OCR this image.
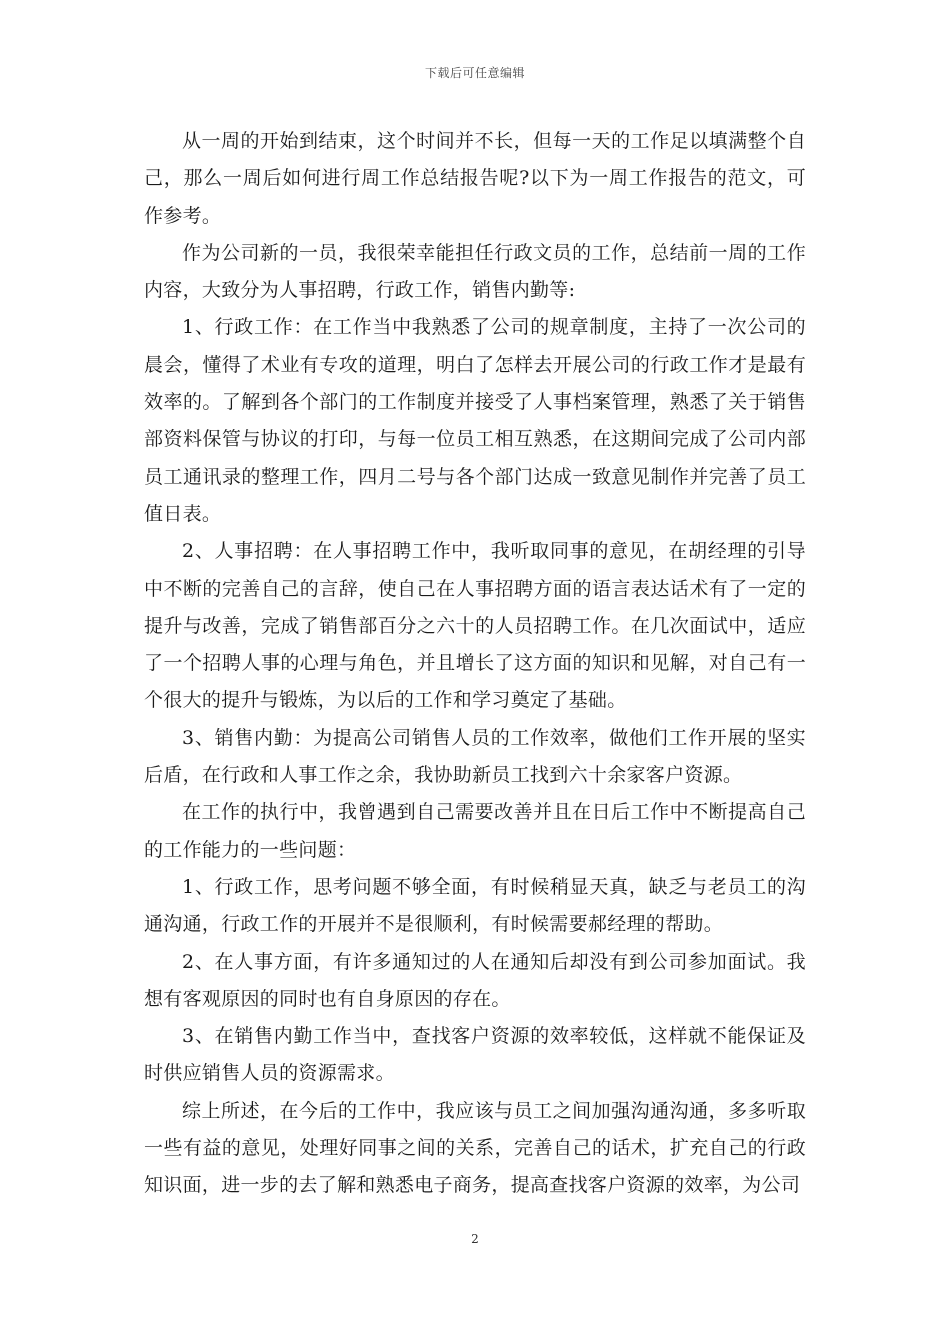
下载后可任意编辑

从一周的开始到结束，这个时间并不长，但每一天的工作足以填满整个自己，那么一周后如何进行周工作总结报告呢?以下为一周工作报告的范文，可作参考。

作为公司新的一员，我很荣幸能担任行政文员的工作，总结前一周的工作内容，大致分为人事招聘，行政工作，销售内勤等:

1、行政工作：在工作当中我熟悉了公司的规章制度，主持了一次公司的晨会，懂得了术业有专攻的道理，明白了怎样去开展公司的行政工作才是最有效率的。了解到各个部门的工作制度并接受了人事档案管理，熟悉了关于销售部资料保管与协议的打印，与每一位员工相互熟悉，在这期间完成了公司内部员工通讯录的整理工作，四月二号与各个部门达成一致意见制作并完善了员工值日表。

2、人事招聘：在人事招聘工作中，我听取同事的意见，在胡经理的引导中不断的完善自己的言辞，使自己在人事招聘方面的语言表达话术有了一定的提升与改善，完成了销售部百分之六十的人员招聘工作。在几次面试中，适应了一个招聘人事的心理与角色，并且增长了这方面的知识和见解，对自己有一个很大的提升与锻炼，为以后的工作和学习奠定了基础。

3、销售内勤：为提高公司销售人员的工作效率，做他们工作开展的坚实后盾，在行政和人事工作之余，我协助新员工找到六十余家客户资源。

在工作的执行中，我曾遇到自己需要改善并且在日后工作中不断提高自己的工作能力的一些问题：

1、行政工作，思考问题不够全面，有时候稍显天真，缺乏与老员工的沟通沟通，行政工作的开展并不是很顺利，有时候需要郝经理的帮助。

2、在人事方面，有许多通知过的人在通知后却没有到公司参加面试。我想有客观原因的同时也有自身原因的存在。

3、在销售内勤工作当中，查找客户资源的效率较低，这样就不能保证及时供应销售人员的资源需求。

综上所述，在今后的工作中，我应该与员工之间加强沟通沟通，多多听取一些有益的意见，处理好同事之间的关系，完善自己的话术，扩充自己的行政知识面，进一步的去了解和熟悉电子商务，提高查找客户资源的效率，为公司

2
